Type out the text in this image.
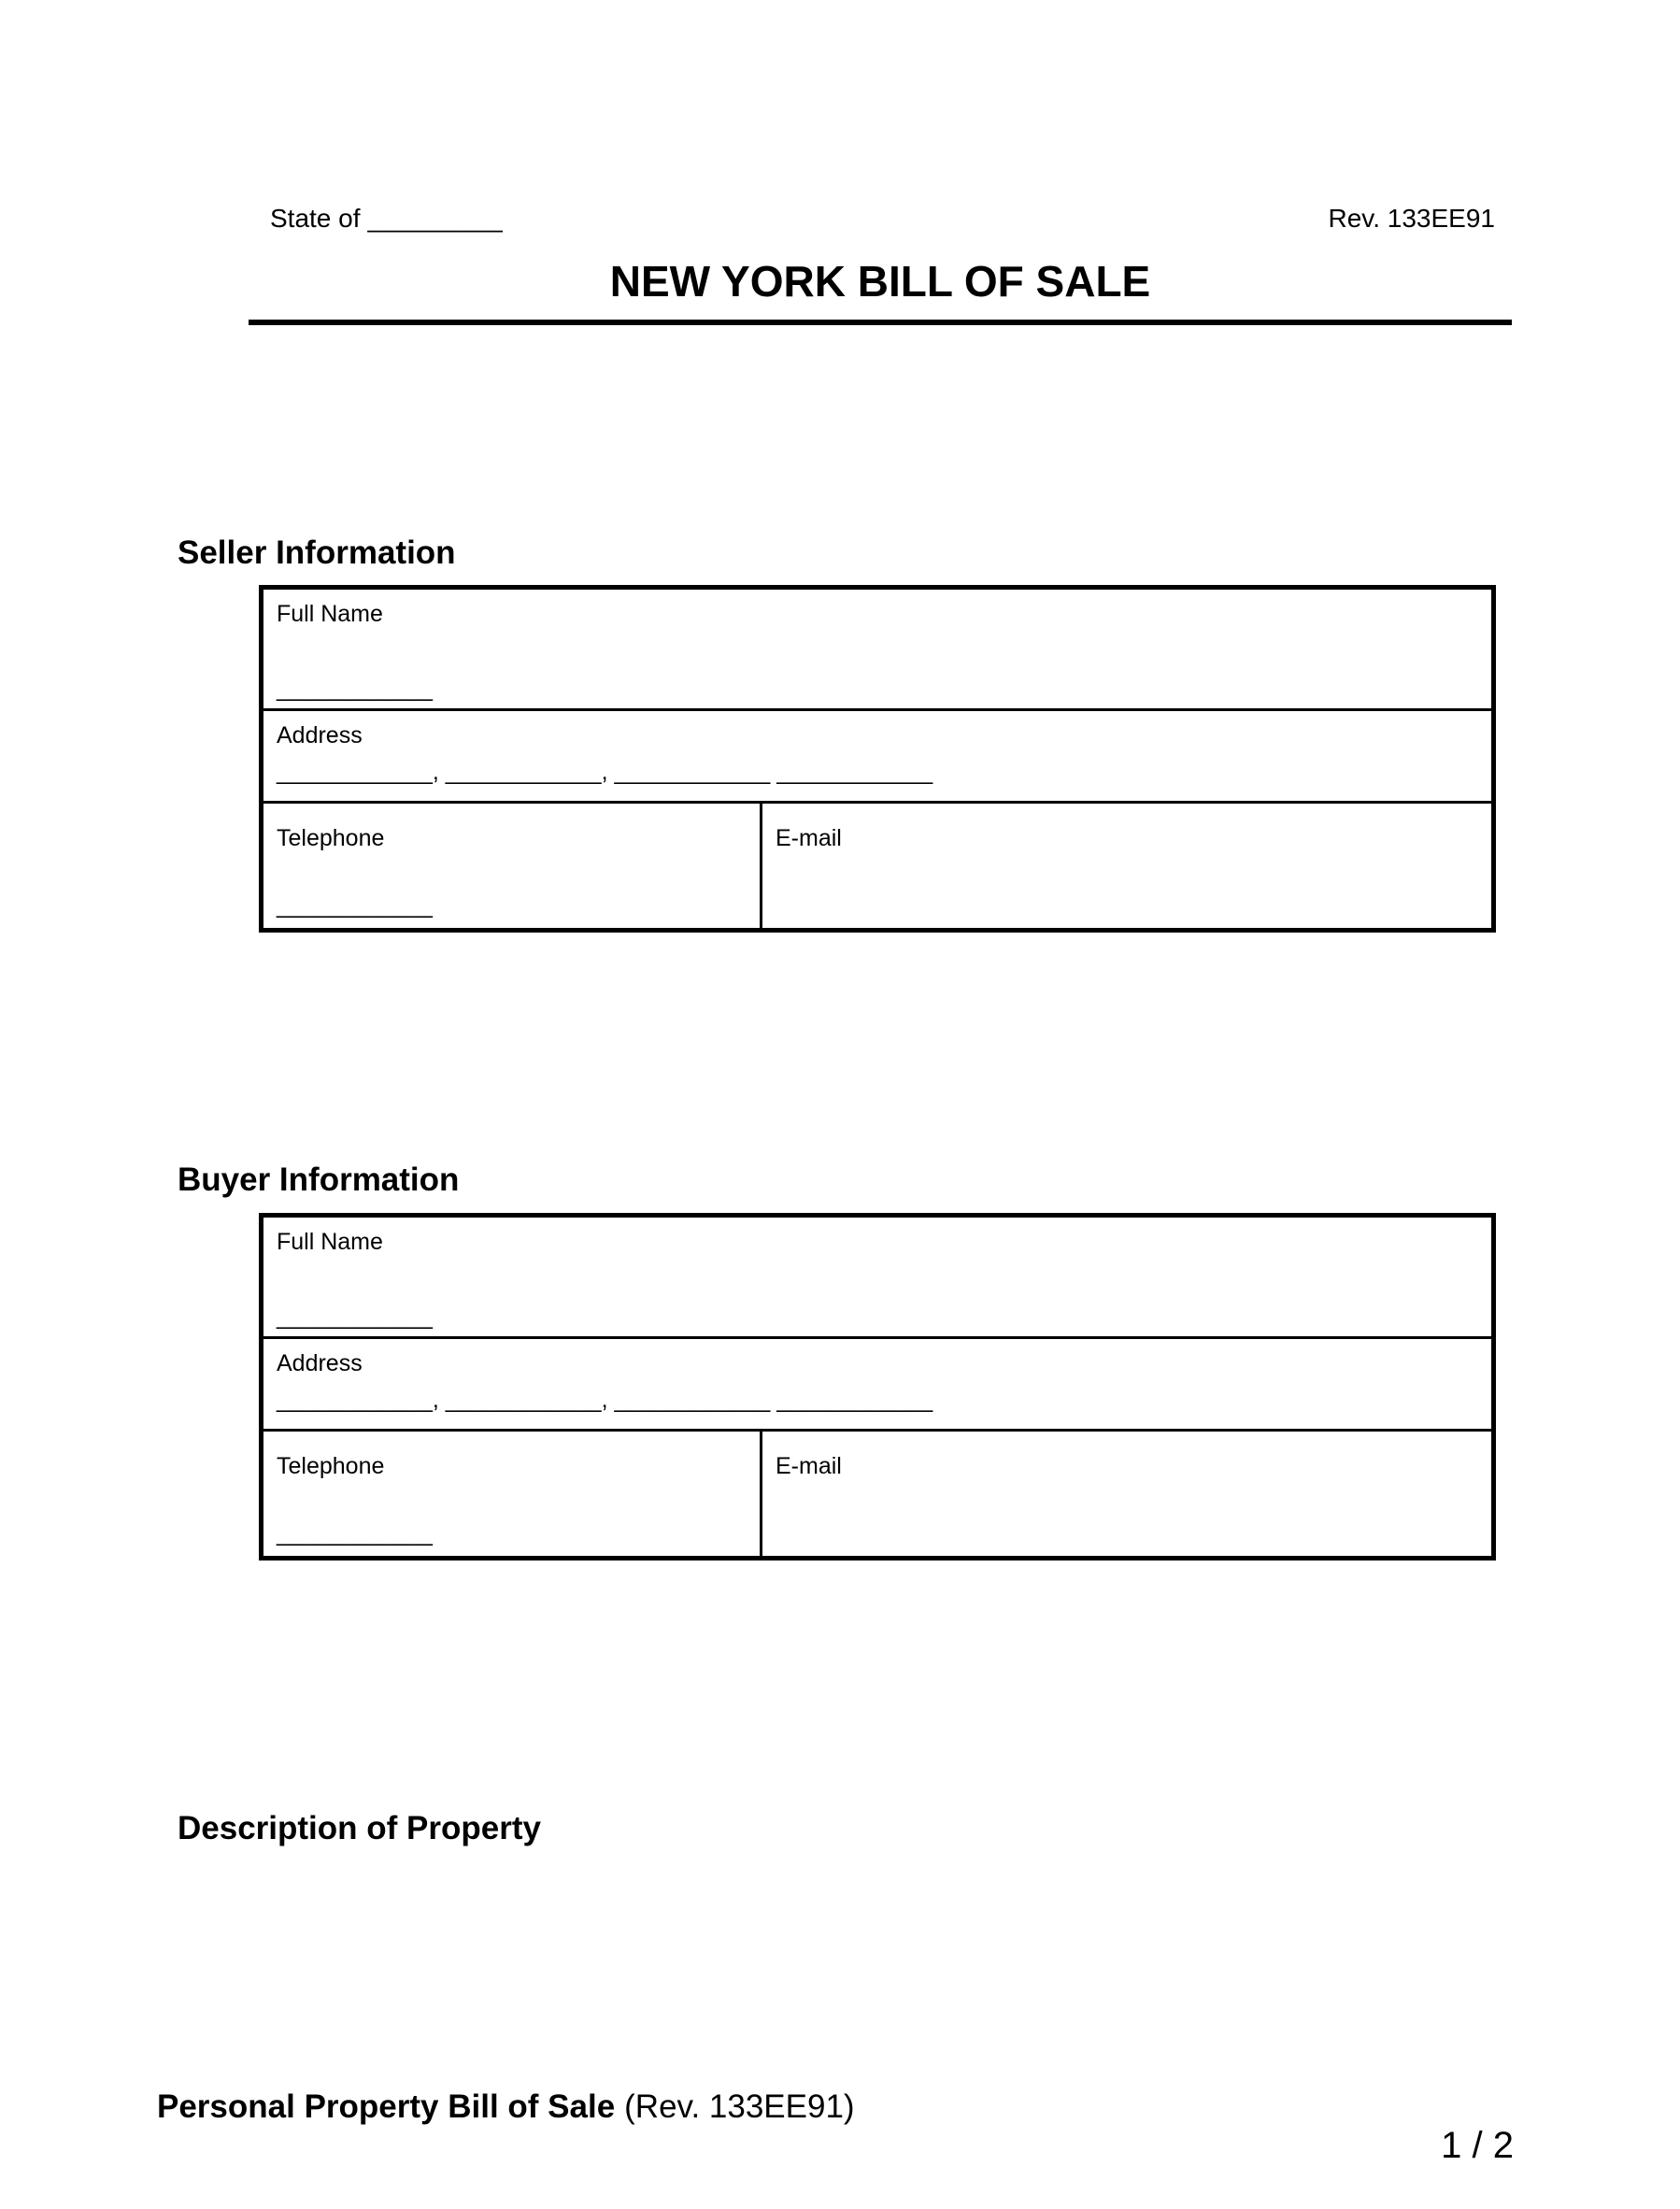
State of _________	Rev. 133EE91
NEW YORK BILL OF SALE
Seller Information
Full Name
____________
Address
____________, ____________, ____________ ____________
Telephone
____________
E-mail
Buyer Information
Full Name
____________
Address
____________, ____________, ____________ ____________
Telephone
____________
E-mail
Description of Property
Personal Property Bill of Sale (Rev. 133EE91)
1 / 2
